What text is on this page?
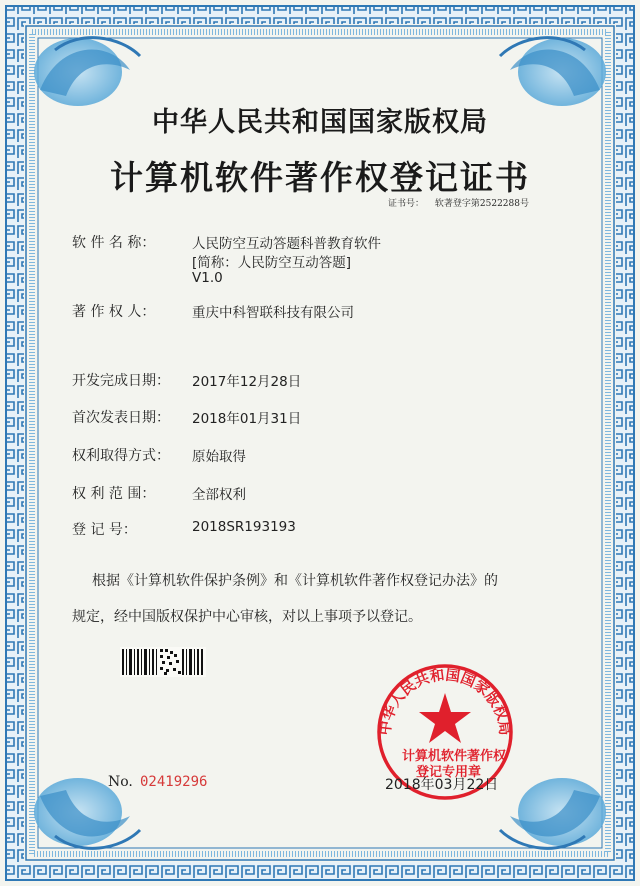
中华人民共和国国家版权局
计算机软件著作权登记证书
证书号： 软著登字第2522288号
软 件 名 称：	人民防空互动答题科普教育软件
[简称：人民防空互动答题]
V1.0
著 作 权 人：	重庆中科智联科技有限公司
开发完成日期： 2017年12月28日
首次发表日期： 2018年01月31日
权利取得方式： 原始取得
权 利 范 围：	全部权利
登 记 号：	2018SR193193
根据《计算机软件保护条例》和《计算机软件著作权登记办法》的
规定，经中国版权保护中心审核，对以上事项予以登记。
中华人民共和国国家版权局
计算机软件著作权
登记专用章
No. 02419296	2018年03月22日
